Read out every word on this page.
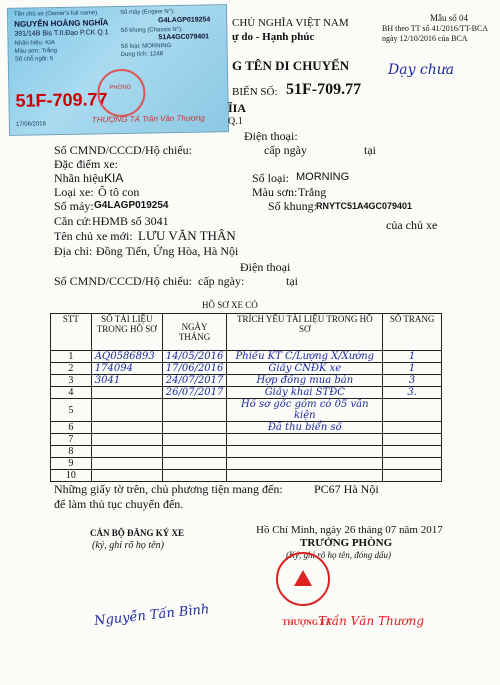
Tên chủ xe (Owner's full name)
NGUYỄN HOÀNG NGHĨA
391/14B Bis T.II.Đạo P.CK Q.1
Nhãn hiệu: KIA
Màu sơn: Trắng
Số chỗ ngồi: 5
Số máy (Engine N°):
G4LAGP019254
Số khung (Chassis N°):
51A4GC079401
Số loại: MORNING
Dung tích: 1248
51F-709.77
17/06/2016
PHÒNG
THƯỢNG TÁ Trần Văn Thương
CHỦ NGHĨA VIỆT NAM
ự do - Hạnh phúc
Mẫu số 04
BH theo TT số 41/2016/TT-BCA
ngày 12/10/2016 của BCA
G TÊN DI CHUYỂN	Dạy chưa
BIỂN SỐ: 51F-709.77
ĨIA
Q.1
Điện thoại:
Số CMND/CCCD/Hộ chiếu:	cấp ngày	tại
Đặc điểm xe:
Nhãn hiệu:
KIA	Số loại: MORNING
Loại xe: Ô tô con	Màu sơn: Trắng
Số máy: G4LAGP019254	Số khung:
RNYTC51A4GC079401
Căn cứ: HĐMB số 3041	của chủ xe
Tên chủ xe mới: LƯU VĂN THÂN
Địa chỉ: Đồng Tiến, Ứng Hòa, Hà Nội
Điện thoại
Số CMND/CCCD/Hộ chiếu: cấp ngày:	tại
HỒ SƠ XE CÓ
STT	SỐ TÀI LIỆU TRONG HỒ SƠ	NGÀY THÁNG	TRÍCH YẾU TÀI LIỆU TRONG HỒ SƠ	SỐ TRANG
1	AQ0586893	14/05/2016	Phiếu KT C/Lượng X/Xưởng	1
2	174094	17/06/2016	Giấy CNĐK xe	1
3	3041	24/07/2017	Hợp đồng mua bán	3
4		26/07/2017	Giấy khai STĐC	3.
5			Hồ sơ gốc gồm có 05 văn kiện	
6			Đã thu biển số	
7				
8				
9				
10				
Những giấy tờ trên, chủ phương tiện mang đến:	PC67 Hà Nội
để làm thủ tục chuyển đến.
Hồ Chí Minh, ngày 26 tháng 07 năm 2017
CÁN BỘ ĐĂNG KÝ XE
(ký, ghi rõ họ tên)	TRƯỞNG PHÒNG
(Ký, ghi rõ họ tên, đóng dấu)
Nguyễn Tấn Bình	THƯỢNG TÁ
Trần Văn Thương
